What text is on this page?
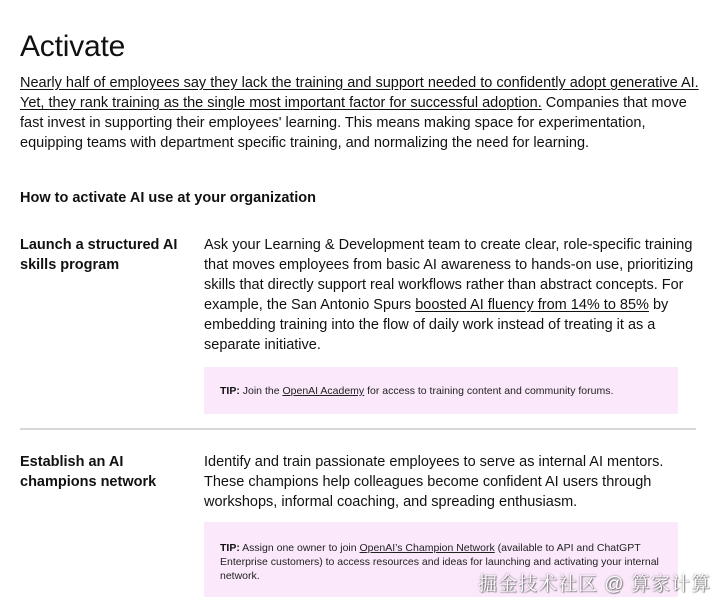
Activate

Nearly half of employees say they lack the training and support needed to confidently adopt generative AI. Yet, they rank training as the single most important factor for successful adoption. Companies that move fast invest in supporting their employees' learning. This means making space for experimentation, equipping teams with department specific training, and normalizing the need for learning.

How to activate AI use at your organization
Launch a structured AI skills program
Ask your Learning & Development team to create clear, role-specific training that moves employees from basic AI awareness to hands-on use, prioritizing skills that directly support real workflows rather than abstract concepts. For example, the San Antonio Spurs boosted AI fluency from 14% to 85% by embedding training into the flow of daily work instead of treating it as a separate initiative.
TIP: Join the OpenAI Academy for access to training content and community forums.
Establish an AI champions network
Identify and train passionate employees to serve as internal AI mentors. These champions help colleagues become confident AI users through workshops, informal coaching, and spreading enthusiasm.
TIP: Assign one owner to join OpenAI’s Champion Network (available to API and ChatGPT Enterprise customers) to access resources and ideas for launching and activating your internal network.	掘金技术社区 @ 算家计算
